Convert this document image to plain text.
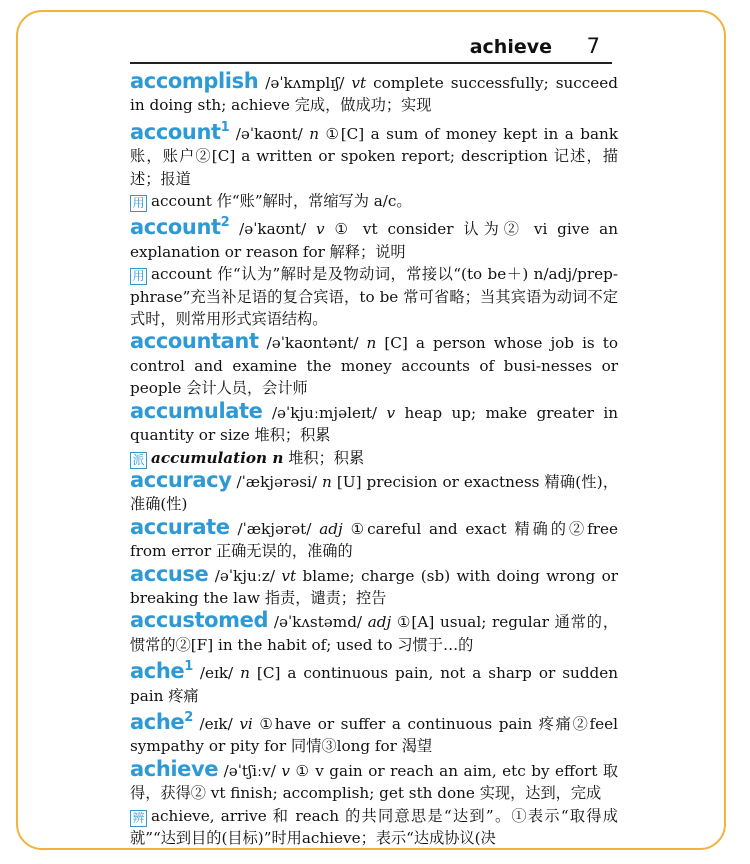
achieve 7

accomplish /əˈkʌmplɪʃ/ vt complete successfully; succeed in doing sth; achieve 完成，做成功；实现

account$^1$ /əˈkaʊnt/ n ①[C] a sum of money kept in a bank 账，账户②[C] a written or spoken report; description 记述，描述；报道

用 account 作“账”解时，常缩写为 a/c。

account$^2$ /əˈkaʊnt/ v ① vt consider 认为② vi give an explanation or reason for 解释；说明

用 account 作“认为”解时是及物动词，常接以“(to be＋) n/adj/prep-phrase”充当补足语的复合宾语，to be 常可省略；当其宾语为动词不定式时，则常用形式宾语结构。

accountant /əˈkaʊntənt/ n [C] a person whose job is to control and examine the money accounts of busi-nesses or people 会计人员，会计师

accumulate /əˈkjuːmjəleɪt/ v heap up; make greater in quantity or size 堆积；积累

派 accumulation n 堆积；积累

accuracy /ˈækjərəsi/ n [U] precision or exactness 精确(性)，准确(性)

accurate /ˈækjərət/ adj ①careful and exact 精确的②free from error 正确无误的，准确的

accuse /əˈkjuːz/ vt blame; charge (sb) with doing wrong or breaking the law 指责，谴责；控告

accustomed /əˈkʌstəmd/ adj ①[A] usual; regular 通常的，惯常的②[F] in the habit of; used to 习惯于…的

ache$^1$ /eɪk/ n [C] a continuous pain, not a sharp or sudden pain 疼痛

ache$^2$ /eɪk/ vi ①have or suffer a continuous pain 疼痛②feel sympathy or pity for 同情③long for 渴望

achieve /əˈtʃiːv/ v ① v gain or reach an aim, etc by effort 取得，获得② vt finish; accomplish; get sth done 实现，达到，完成

辨 achieve, arrive 和 reach 的共同意思是“达到”。①表示“取得成就”“达到目的(目标)”时用achieve；表示“达成协议(决
